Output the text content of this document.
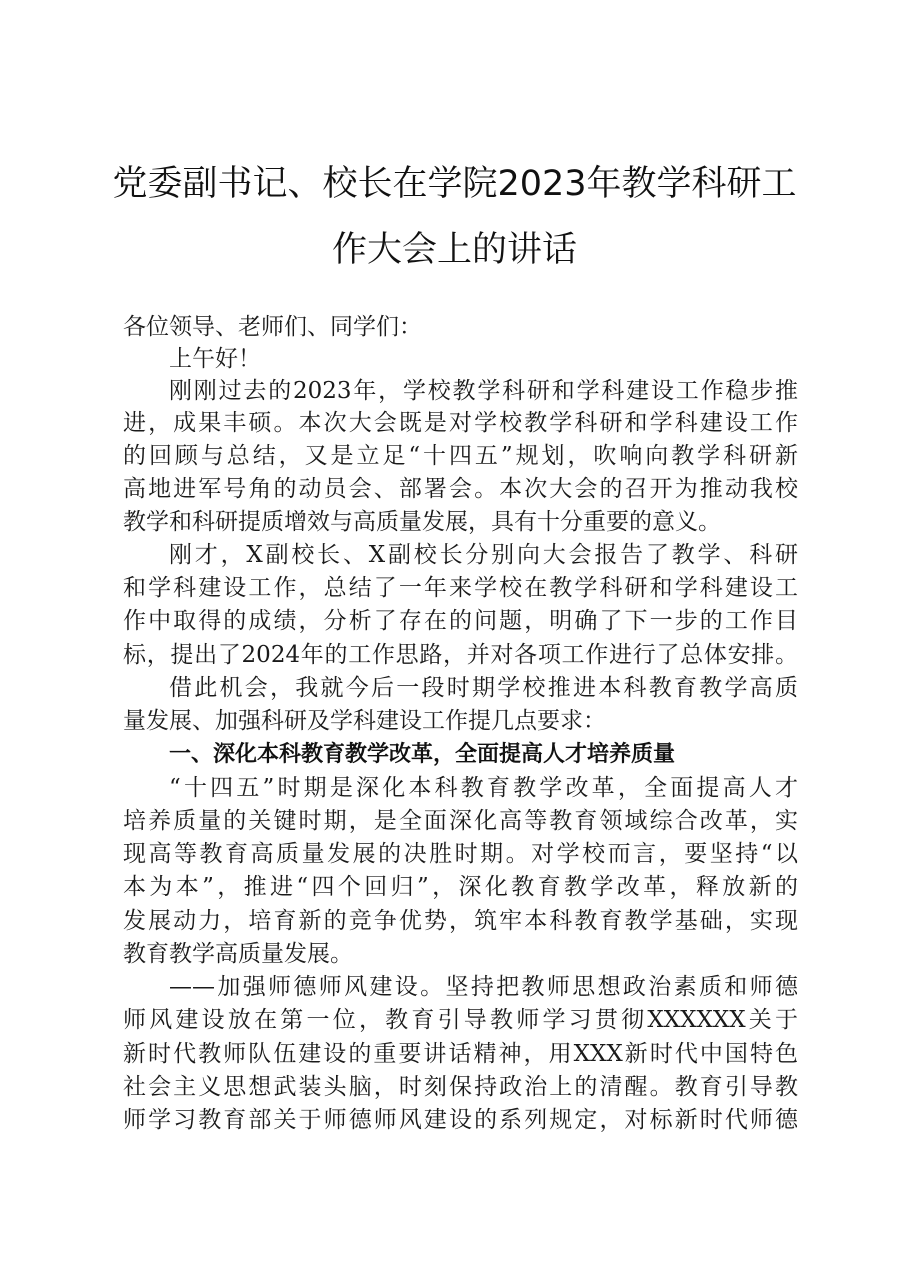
党委副书记、校长在学院2023年教学科研工
作大会上的讲话
各位领导、老师们、同学们：
上午好！
刚刚过去的2023年，学校教学科研和学科建设工作稳步推
进，成果丰硕。本次大会既是对学校教学科研和学科建设工作
的回顾与总结，又是立足“十四五”规划，吹响向教学科研新
高地进军号角的动员会、部署会。本次大会的召开为推动我校
教学和科研提质增效与高质量发展，具有十分重要的意义。
刚才，X副校长、X副校长分别向大会报告了教学、科研
和学科建设工作，总结了一年来学校在教学科研和学科建设工
作中取得的成绩，分析了存在的问题，明确了下一步的工作目
标，提出了2024年的工作思路，并对各项工作进行了总体安排。
借此机会，我就今后一段时期学校推进本科教育教学高质
量发展、加强科研及学科建设工作提几点要求：
一、深化本科教育教学改革，全面提高人才培养质量
“十四五”时期是深化本科教育教学改革，全面提高人才
培养质量的关键时期，是全面深化高等教育领域综合改革，实
现高等教育高质量发展的决胜时期。对学校而言，要坚持“以
本为本”，推进“四个回归”，深化教育教学改革，释放新的
发展动力，培育新的竞争优势，筑牢本科教育教学基础，实现
教育教学高质量发展。
——加强师德师风建设。坚持把教师思想政治素质和师德
师风建设放在第一位，教育引导教师学习贯彻XXXXXX关于
新时代教师队伍建设的重要讲话精神，用XXX新时代中国特色
社会主义思想武装头脑，时刻保持政治上的清醒。教育引导教
师学习教育部关于师德师风建设的系列规定，对标新时代师德
